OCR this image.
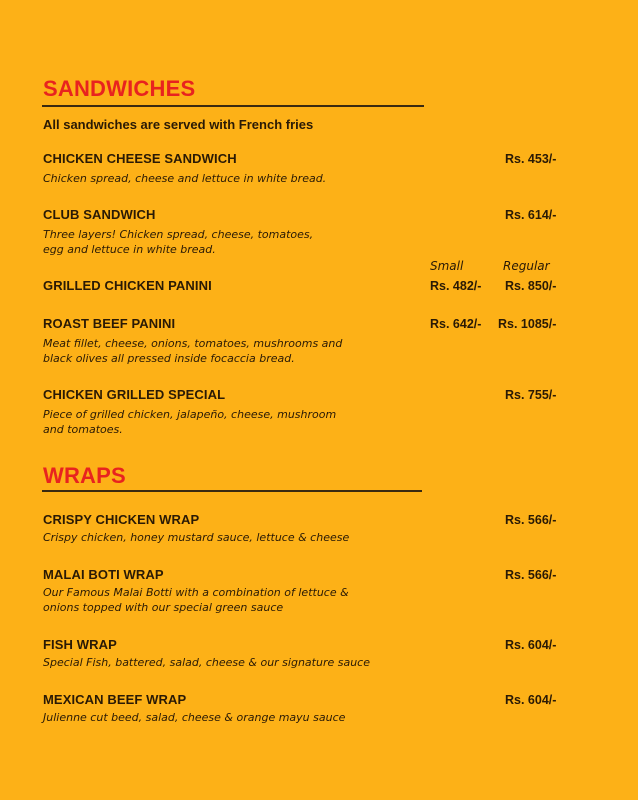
SANDWICHES
All sandwiches are served with French fries
CHICKEN CHEESE SANDWICH	Rs. 453/-
Chicken spread, cheese and lettuce in white bread.
CLUB SANDWICH	Rs. 614/-
Three layers! Chicken spread, cheese, tomatoes, egg and lettuce in white bread.
Small	Regular
GRILLED CHICKEN PANINI	Rs. 482/- Rs. 850/-
ROAST BEEF PANINI	Rs. 642/- Rs. 1085/-
Meat fillet, cheese, onions, tomatoes, mushrooms and black olives all pressed inside focaccia bread.
CHICKEN GRILLED SPECIAL	Rs. 755/-
Piece of grilled chicken, jalapeño, cheese, mushroom and tomatoes.
WRAPS
CRISPY CHICKEN WRAP	Rs. 566/-
Crispy chicken, honey mustard sauce, lettuce & cheese
MALAI BOTI WRAP	Rs. 566/-
Our Famous Malai Botti with a combination of lettuce & onions topped with our special green sauce
FISH WRAP	Rs. 604/-
Special Fish, battered, salad, cheese & our signature sauce
MEXICAN BEEF WRAP	Rs. 604/-
Julienne cut beed, salad, cheese & orange mayu sauce
